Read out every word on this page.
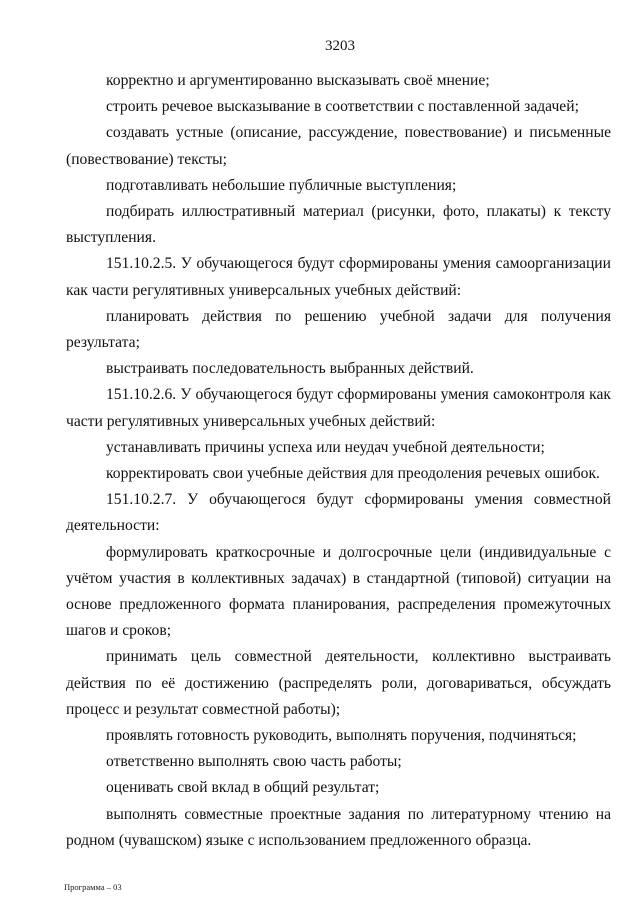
3203

корректно и аргументированно высказывать своё мнение;

строить речевое высказывание в соответствии с поставленной задачей;

создавать устные (описание, рассуждение, повествование) и письменные (повествование) тексты;

подготавливать небольшие публичные выступления;

подбирать иллюстративный материал (рисунки, фото, плакаты) к тексту выступления.

151.10.2.5. У обучающегося будут сформированы умения самоорганизации как части регулятивных универсальных учебных действий:

планировать действия по решению учебной задачи для получения результата;

выстраивать последовательность выбранных действий.

151.10.2.6. У обучающегося будут сформированы умения самоконтроля как части регулятивных универсальных учебных действий:

устанавливать причины успеха или неудач учебной деятельности;

корректировать свои учебные действия для преодоления речевых ошибок.

151.10.2.7. У обучающегося будут сформированы умения совместной деятельности:

формулировать краткосрочные и долгосрочные цели (индивидуальные с учётом участия в коллективных задачах) в стандартной (типовой) ситуации на основе предложенного формата планирования, распределения промежуточных шагов и сроков;

принимать цель совместной деятельности, коллективно выстраивать действия по её достижению (распределять роли, договариваться, обсуждать процесс и результат совместной работы);

проявлять готовность руководить, выполнять поручения, подчиняться;

ответственно выполнять свою часть работы;

оценивать свой вклад в общий результат;

выполнять совместные проектные задания по литературному чтению на родном (чувашском) языке с использованием предложенного образца.

Программа – 03
